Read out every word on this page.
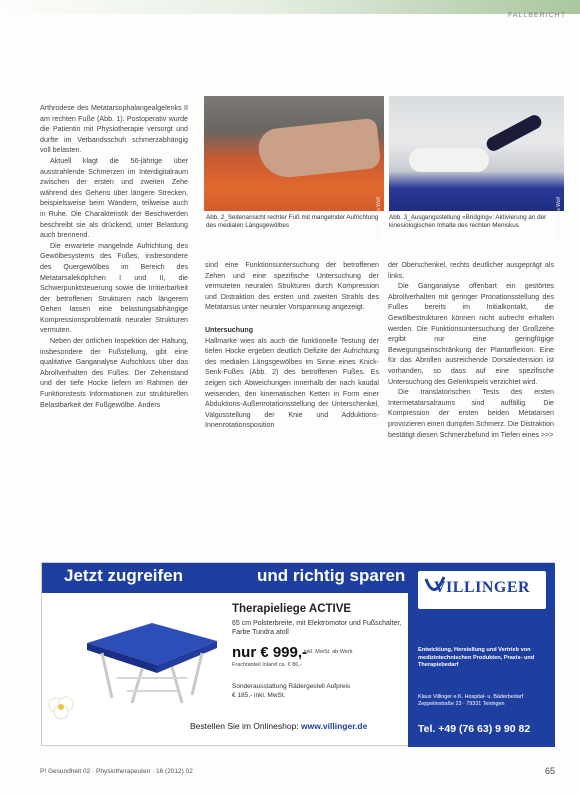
FALLBERICHT

Arthrodese des Metatarsophalangealgelenks II am rechten Fuße (Abb. 1). Postoperativ wurde die Patientin mit Physiotherapie versorgt und durfte im Verbandsschuh schmerzabhängig voll belasten.

Aktuell klagt die 56-jährige über ausstrahlende Schmerzen im Interdigitalraum zwischen der ersten und zweiten Zehe während des Gehens über längere Strecken, beispielsweise beim Wandern, teilweise auch in Ruhe. Die Charakteristik der Beschwerden beschreibt sie als drückend, unter Belastung auch brennend.

Die erwartete mangelnde Aufrichtung des Gewölbesystems des Fußes, insbesondere des Quergewölbes im Bereich des Metatarsaleköpfchen I und II, die Schwerpunktsteuerung sowie die Irritierbarkeit der betroffenen Strukturen nach längerem Gehen lassen eine belastungsabhängige Kompressionsproblematik neuraler Strukturen vermuten.

Neben der örtlichen Inspektion der Haltung, insbesondere der Fußstellung, gibt eine qualitative Ganganalyse Aufschluss über das Abrollverhalten des Fußes. Der Zehenstand und der tiefe Hocke liefern im Rahmen der Funktionstests Informationen zur strukturellen Belastbarkeit der Fußgewölbe. Anders

Foto: Thomas Wolf	Foto: Thomas Wolf
Abb. 2_Seitenansicht rechter Fuß mit mangelnder Aufrichtung des medialen Längsgewölbes
Abb. 3_Ausgangsstellung »Bridging«: Aktivierung an der kinesiologischen Inhalte des rechten Meniskus

sind eine Funktionsuntersuchung der betroffenen Zehen und eine spezifische Untersuchung der vermuteten neuralen Strukturen durch Kompression und Distraktion des ersten und zweiten Strahls des Metatarsus unter neuraler Vorspannung angezeigt.

Untersuchung

Hallmarke wies als auch die funktionelle Testung der tiefen Hocke ergeben deutlich Defizite der Aufrichtung des medialen Längsgewölbes im Sinne eines Knick-Senk-Fußes (Abb. 2) des betroffenen Fußes. Es zeigen sich Abweichungen innerhalb der nach kaudal weisenden, den kinematischen Ketten in Form einer Abduktions-Außenrotationsstellung der Unterschenkel, Valgusstellung der Knie und Adduktions-Innenrotationsposition

der Oberschenkel, rechts deutlicher ausgeprägt als links.

Die Ganganalyse offenbart ein gestörtes Abrollverhalten mit geringer Pronationsstellung des Fußes bereits im Initialkontakt, die Gewölbestrukturen können nicht aufrecht erhalten werden. Die Funktionsuntersuchung der Großzehe ergibt nur eine geringfügige Bewegungseinschränkung der Plantarflexion. Eine für das Abrollen ausreichende Dorsalextension ist vorhanden, so dass auf eine spezifische Untersuchung des Gelenkspiels verzichtet wird.

Die translatorischen Tests des ersten Intermetatarsalraums sind auffällig. Die Kompression der ersten beiden Metatarsen provozieren einen dumpfen Schmerz. Die Distraktion bestätigt diesen Schmerzbefund im Tiefen eines >>>

Jetzt zugreifen	und richtig sparen
Therapieliege ACTIVE
65 cm Polsterbreite, mit Elektromotor und Fußschalter, Farbe Tundra atoll
nur € 999,-
inkl. MwSt. ab Werk
Frachtanteil Inland ca. € 86,-
Sonderausstattung Rädergestell Aufpreis € 185,- inkl. MwSt.
Bestellen Sie im Onlineshop: www.villinger.de
VILLINGER
Entwicklung, Herstellung und Vertrieb von medizintechnischen Produkten, Praxis- und Therapiebedarf
Klaus Villinger e.K. Hospital- u. Bäderbedarf Zeppelinstraße 23 · 79331 Teningen
Tel. +49 (76 63) 9 90 82
P! Gesundheit 02 · Physiotherapeuten · 16 (2012) 02	65
